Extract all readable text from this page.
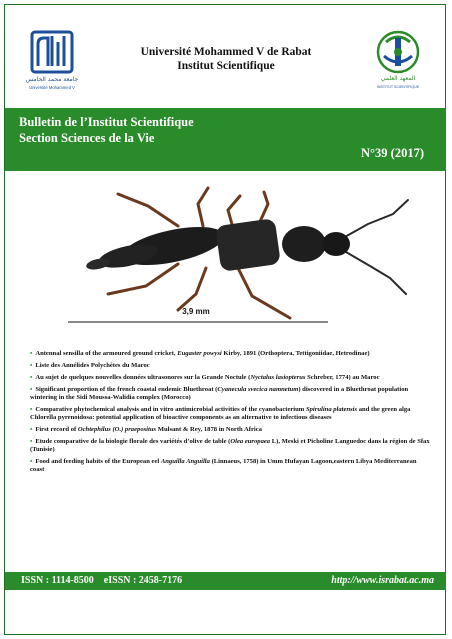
جامعة محمد الخامس
Université Mohammed V
Université Mohammed V de Rabat
Institut Scientifique
المعهد العلمي
INSTITUT SCIENTIFIQUE
Bulletin de l’Institut Scientifique
Section Sciences de la Vie
N°39 (2017)
3,9 mm
• Antennal sensilla of the armoured ground cricket, Eugaster powysi Kirby, 1891 (Orthoptera, Tettigoniidae, Hetrodinae)
• Liste des Annélides Polychètes du Maroc
• Au sujet de quelques nouvelles données ultrasonores sur la Grande Noctule (Nyctalus lasiopterus Schreber, 1774) au Maroc
• Significant proportion of the french coastal endemic Bluethroat (Cyanecula svecica namnetum) discovered in a Bluethroat population wintering in the Sidi Moussa-Walidia complex (Morocco)
• Comparative phytochemical analysis and in vitro antimicrobial activities of the cyanobacterium Spirulina platensis and the green alga Chlorella pyrenoidosa: potential application of bioactive components as an alternative to infectious diseases
• First record of Ochtephilus (O.) praepositus Mulsant & Rey, 1878 in North Africa
• Etude comparative de la biologie florale des variétés d’olive de table (Olea europaea L), Meski et Picholine Languedoc dans la région de Sfax (Tunisie)
• Food and feeding habits of the European eel Anguilla Anguilla (Linnaeus, 1758) in Umm Hufayan Lagoon,eastern Libya Mediterranean coast
ISSN : 1114-8500 eISSN : 2458-7176	http://www.israbat.ac.ma
